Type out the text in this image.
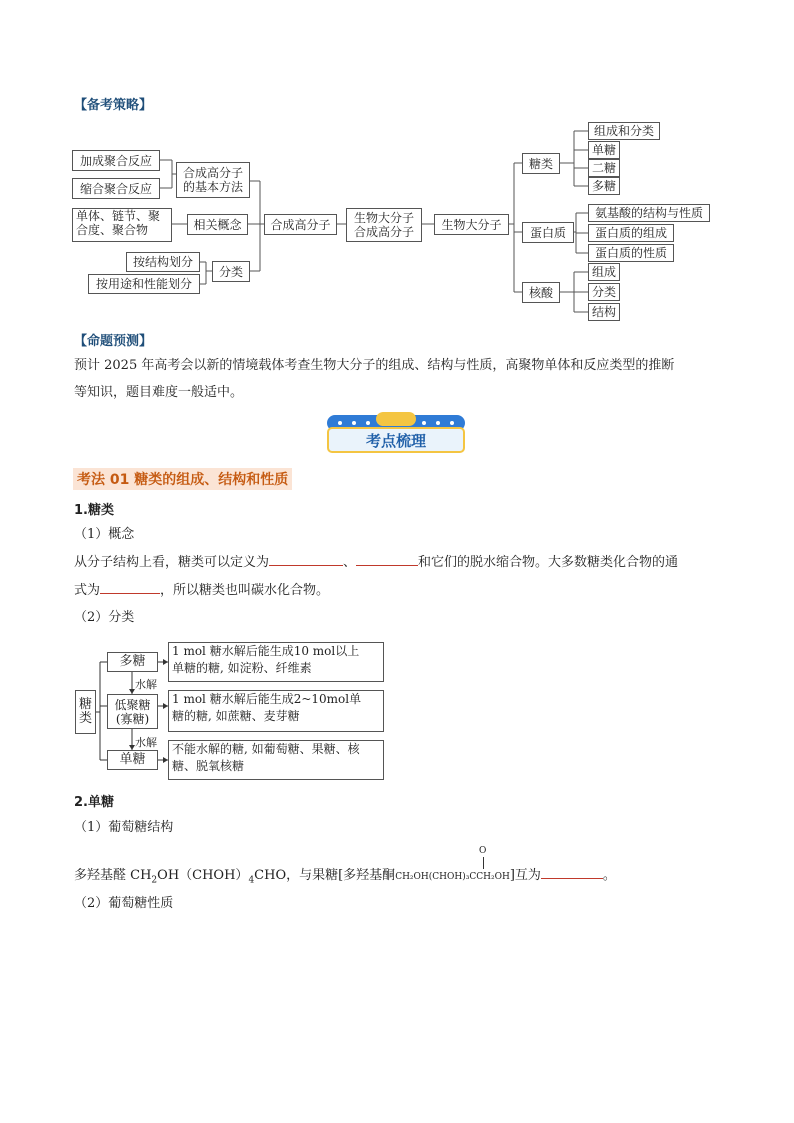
【备考策略】
加成聚合反应
缩合聚合反应
合成高分子
的基本方法
单体、链节、聚
合度、聚合物	相关概念
按结构划分
按用途和性能划分
分类
合成高分子	生物大分子
合成高分子
生物大分子
糖类
蛋白质
核酸
组成和分类
单糖
二糖
多糖
氨基酸的结构与性质
蛋白质的组成
蛋白质的性质
组成
分类
结构
【命题预测】
预计 2025 年高考会以新的情境载体考查生物大分子的组成、结构与性质，高聚物单体和反应类型的推断
等知识，题目难度一般适中。
考点梳理
考法 01 糖类的组成、结构和性质
1.糖类
（1）概念
从分子结构上看，糖类可以定义为	、	和它们的脱水缩合物。大多数糖类化合物的通
式为	，所以糖类也叫碳水化合物。
（2）分类
糖
类
多糖
水解
低聚糖
(寡糖)
水解
单糖
1 mol 糖水解后能生成10 mol以上
单糖的糖, 如淀粉、纤维素
1 mol 糖水解后能生成2~10mol单
糖的糖, 如蔗糖、麦芽糖
不能水解的糖, 如葡萄糖、果糖、核
糖、脱氧核糖
2.单糖
（1）葡萄糖结构
O
多羟基醛 $CH_2OH(CHOH)_4CHO$，与果糖[多羟基酮CH₂OH(CHOH)₃CCH₂OH]互为	。
（2）葡萄糖性质
